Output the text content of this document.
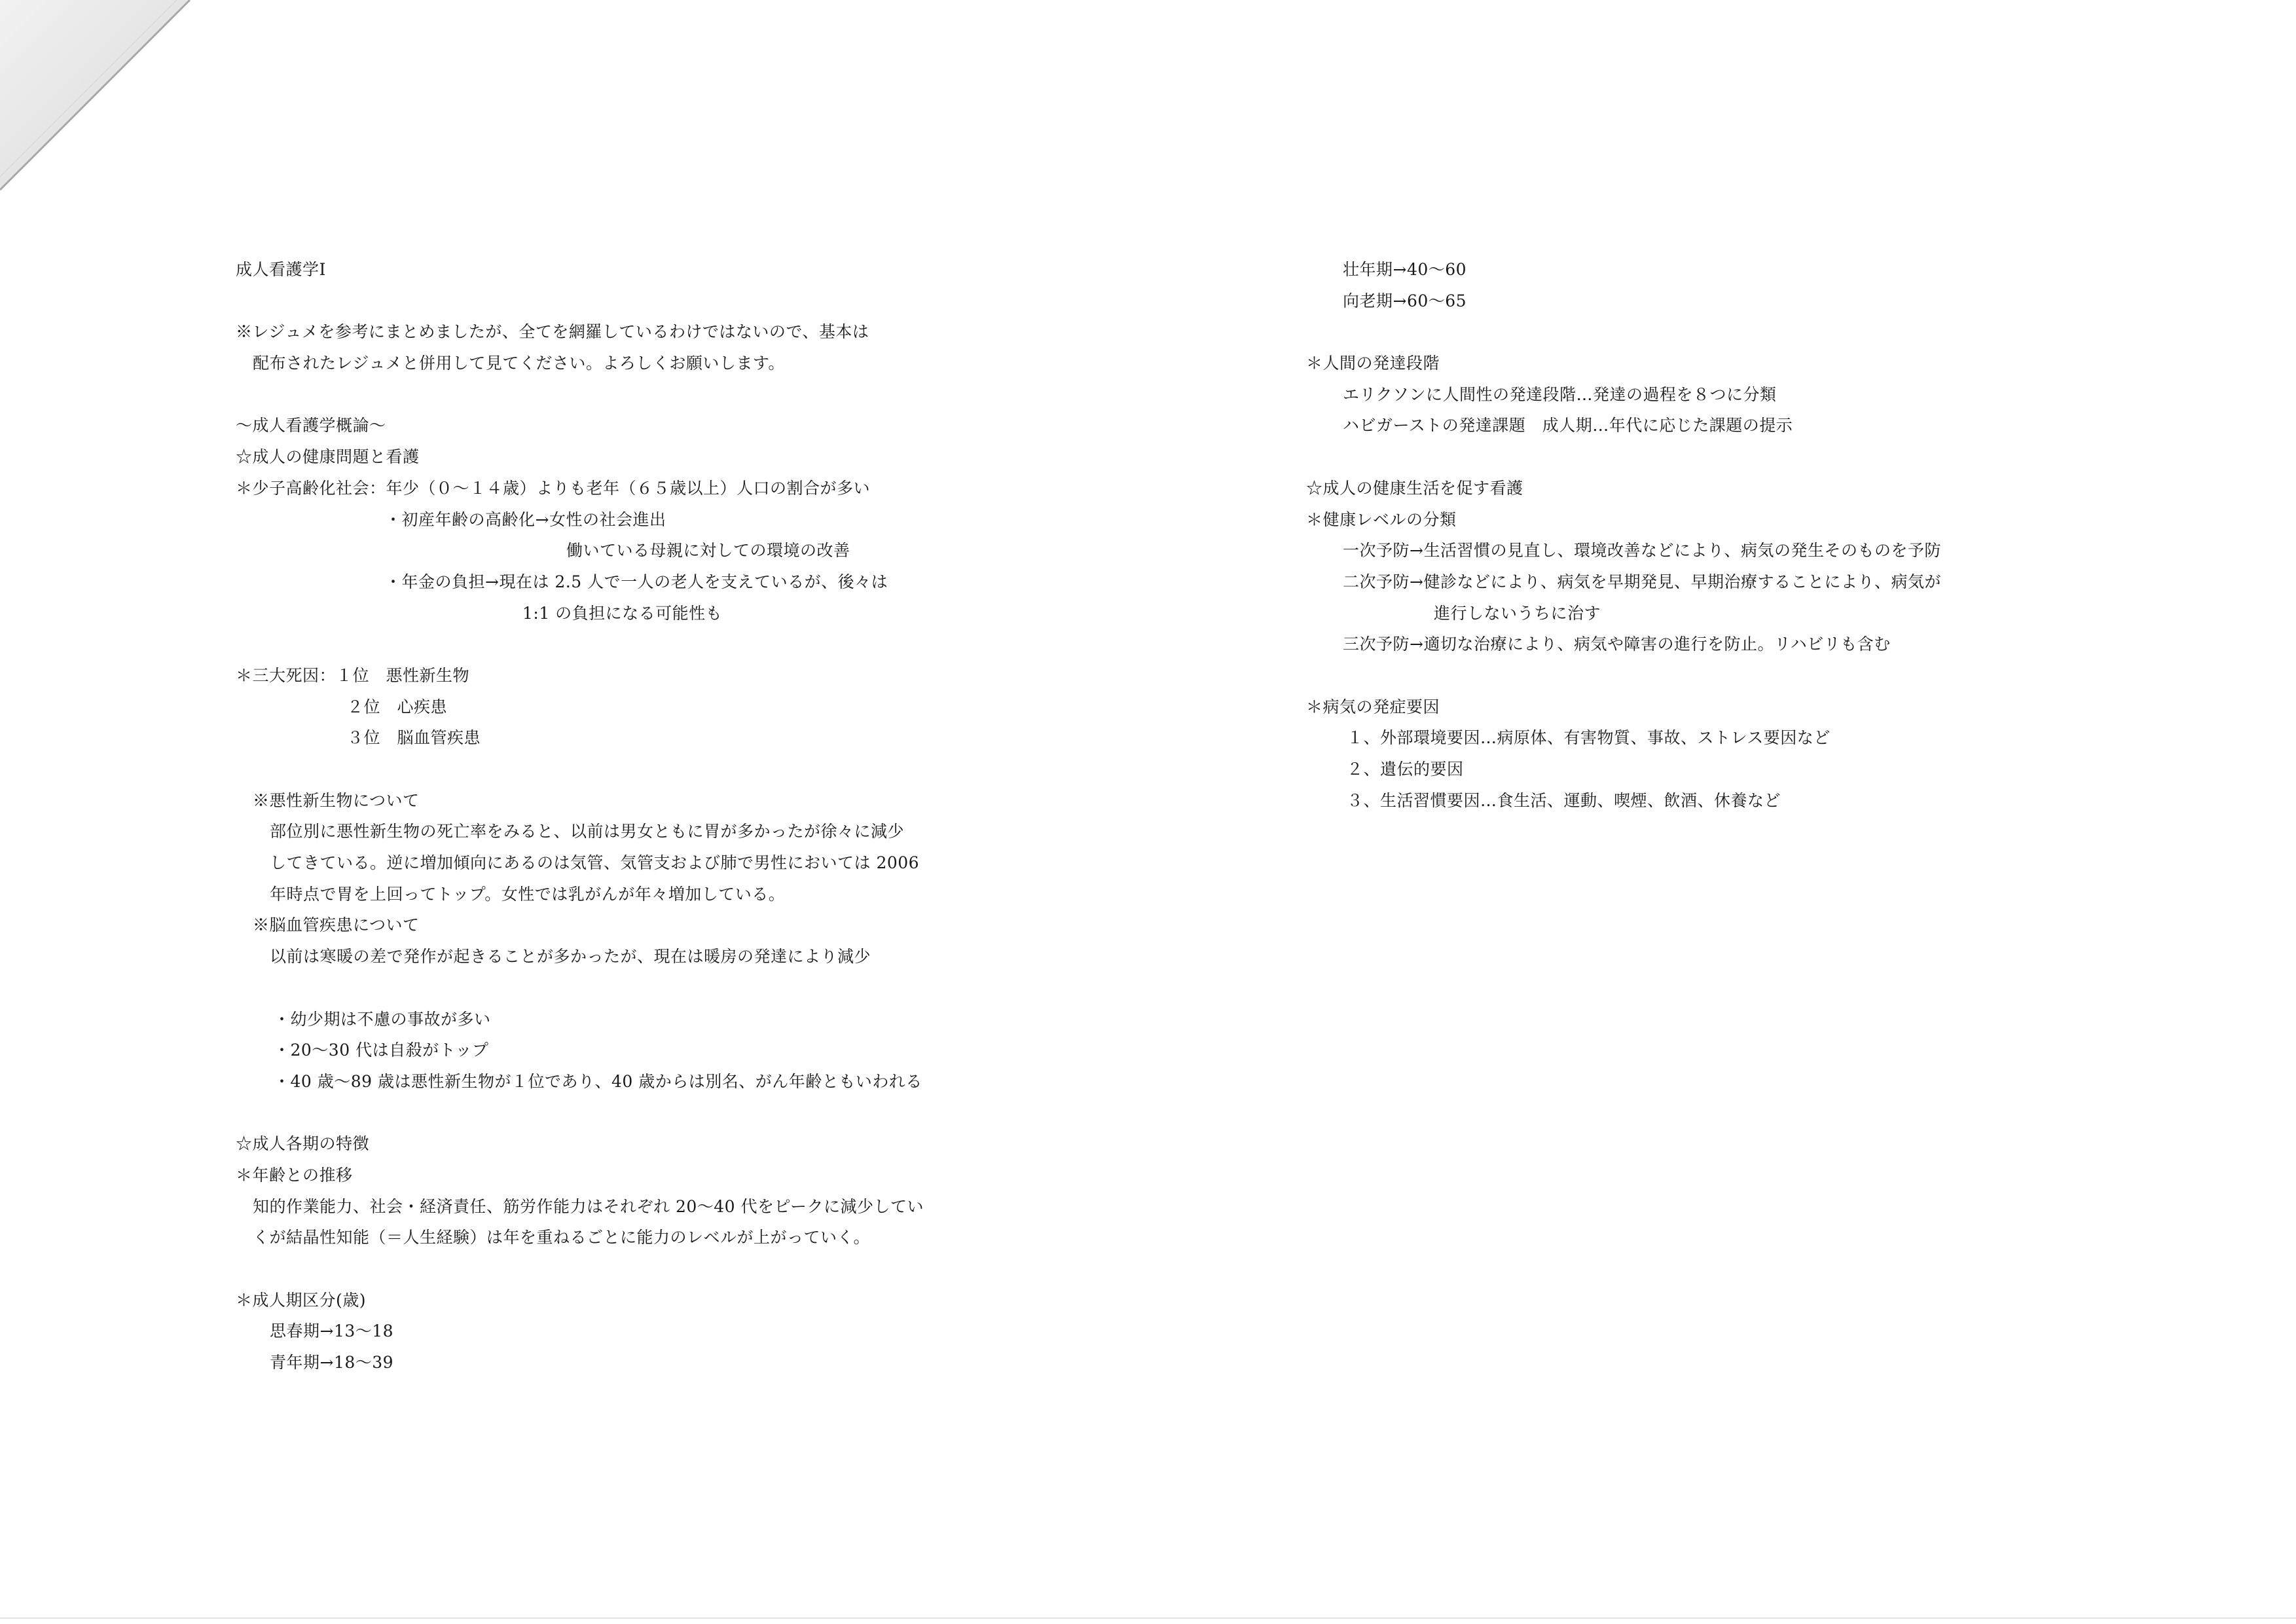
成人看護学Ⅰ
※レジュメを参考にまとめましたが、全てを網羅しているわけではないので、基本は
配布されたレジュメと併用して見てください。よろしくお願いします。
～成人看護学概論～
☆成人の健康問題と看護
＊少子高齢化社会：年少（０～１４歳）よりも老年（６５歳以上）人口の割合が多い
・初産年齢の高齢化→女性の社会進出
働いている母親に対しての環境の改善
・年金の負担→現在は 2.5 人で一人の老人を支えているが、後々は
1:1 の負担になる可能性も
＊三大死因：１位　悪性新生物
２位　心疾患
３位　脳血管疾患
※悪性新生物について
部位別に悪性新生物の死亡率をみると、以前は男女ともに胃が多かったが徐々に減少
してきている。逆に増加傾向にあるのは気管、気管支および肺で男性においては 2006
年時点で胃を上回ってトップ。女性では乳がんが年々増加している。
※脳血管疾患について
以前は寒暖の差で発作が起きることが多かったが、現在は暖房の発達により減少
・幼少期は不慮の事故が多い
・20～30 代は自殺がトップ
・40 歳～89 歳は悪性新生物が１位であり、40 歳からは別名、がん年齢ともいわれる
☆成人各期の特徴
＊年齢との推移
知的作業能力、社会・経済責任、筋労作能力はそれぞれ 20～40 代をピークに減少してい
くが結晶性知能（＝人生経験）は年を重ねるごとに能力のレベルが上がっていく。
＊成人期区分(歳)
思春期→13～18
青年期→18～39
壮年期→40～60
向老期→60～65
＊人間の発達段階
エリクソンに人間性の発達段階…発達の過程を８つに分類
ハビガーストの発達課題　成人期…年代に応じた課題の提示
☆成人の健康生活を促す看護
＊健康レベルの分類
一次予防→生活習慣の見直し、環境改善などにより、病気の発生そのものを予防
二次予防→健診などにより、病気を早期発見、早期治療することにより、病気が
進行しないうちに治す
三次予防→適切な治療により、病気や障害の進行を防止。リハビリも含む
＊病気の発症要因
１、外部環境要因…病原体、有害物質、事故、ストレス要因など
２、遺伝的要因
３、生活習慣要因…食生活、運動、喫煙、飲酒、休養など
